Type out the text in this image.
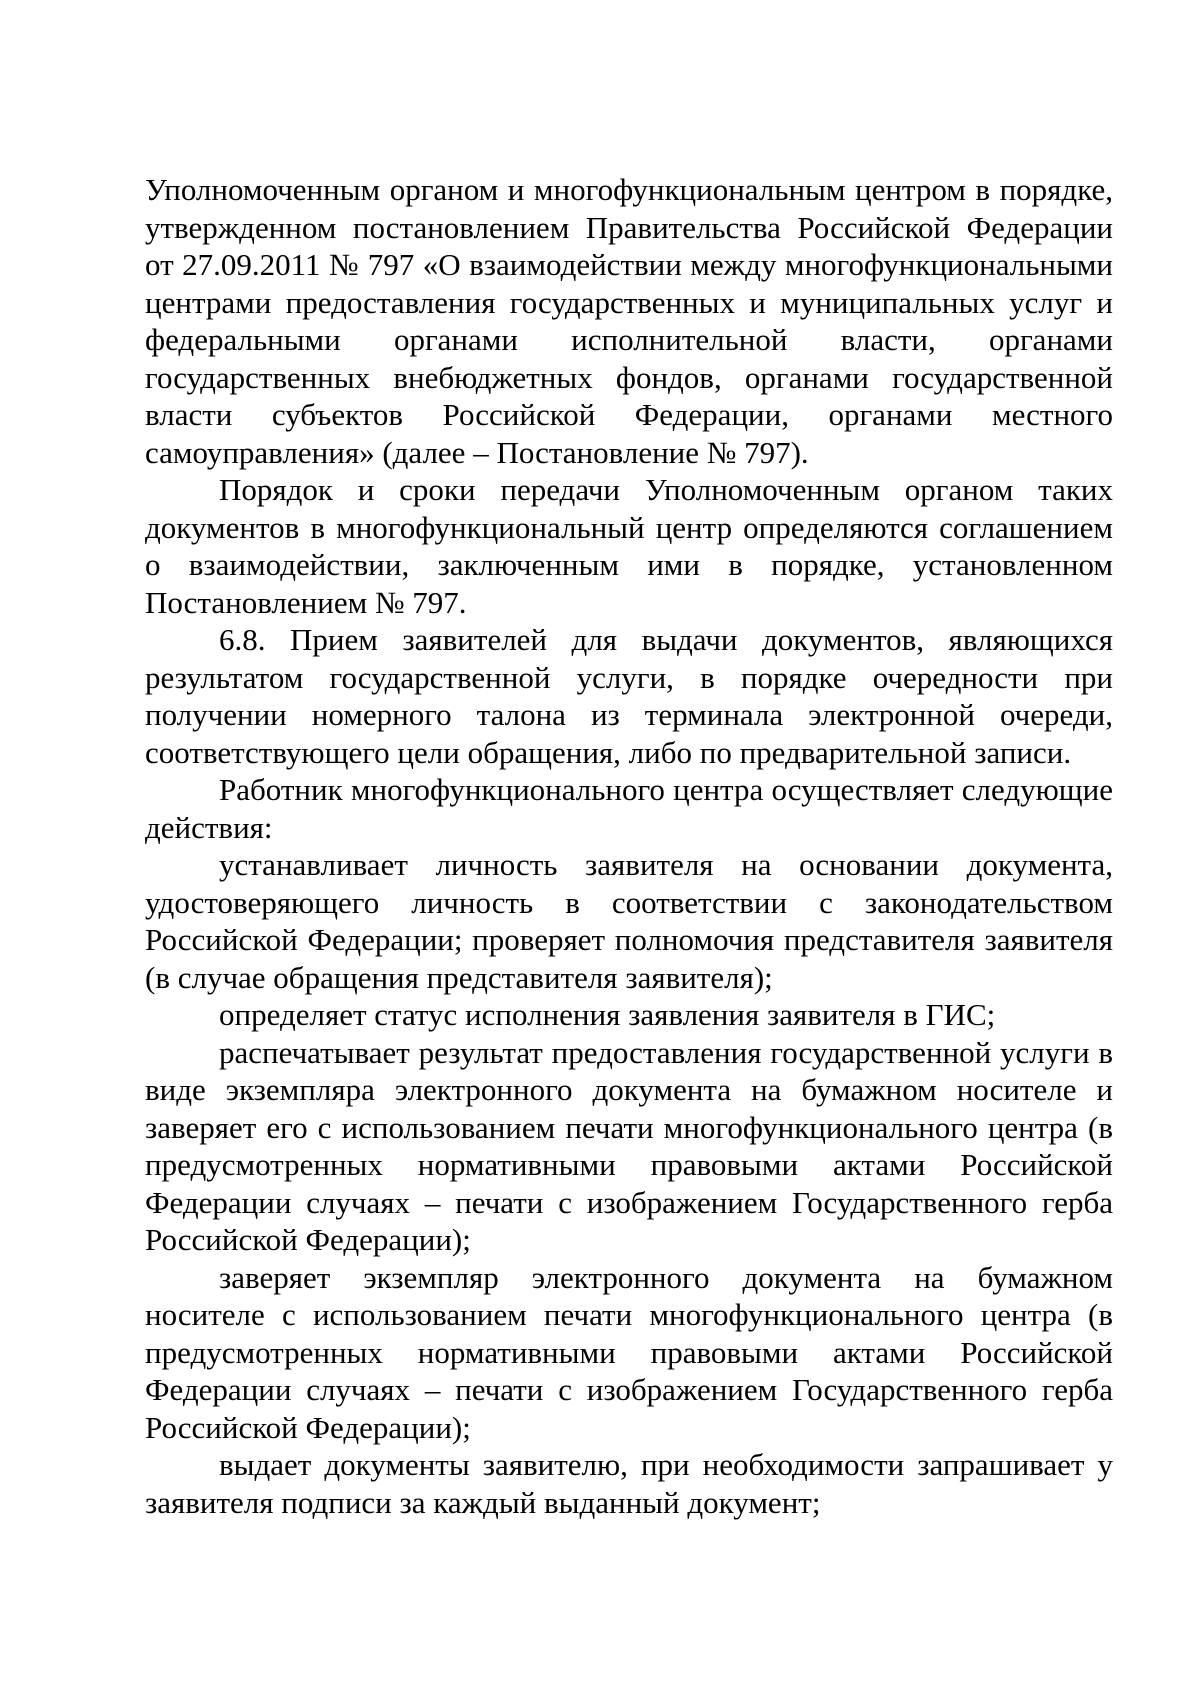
Уполномоченным органом и многофункциональным центром в порядке, утвержденном постановлением Правительства Российской Федерации от 27.09.2011 № 797 «О взаимодействии между многофункциональными центрами предоставления государственных и муниципальных услуг и федеральными органами исполнительной власти, органами государственных внебюджетных фондов, органами государственной власти субъектов Российской Федерации, органами местного самоуправления» (далее – Постановление № 797).

Порядок и сроки передачи Уполномоченным органом таких документов в многофункциональный центр определяются соглашением о взаимодействии, заключенным ими в порядке, установленном Постановлением № 797.

6.8. Прием заявителей для выдачи документов, являющихся результатом государственной услуги, в порядке очередности при получении номерного талона из терминала электронной очереди, соответствующего цели обращения, либо по предварительной записи.

Работник многофункционального центра осуществляет следующие действия:

устанавливает личность заявителя на основании документа, удостоверяющего личность в соответствии с законодательством Российской Федерации; проверяет полномочия представителя заявителя (в случае обращения представителя заявителя);

определяет статус исполнения заявления заявителя в ГИС;

распечатывает результат предоставления государственной услуги в виде экземпляра электронного документа на бумажном носителе и заверяет его с использованием печати многофункционального центра (в предусмотренных нормативными правовыми актами Российской Федерации случаях – печати с изображением Государственного герба Российской Федерации);

заверяет экземпляр электронного документа на бумажном носителе с использованием печати многофункционального центра (в предусмотренных нормативными правовыми актами Российской Федерации случаях – печати с изображением Государственного герба Российской Федерации);

выдает документы заявителю, при необходимости запрашивает у заявителя подписи за каждый выданный документ;
